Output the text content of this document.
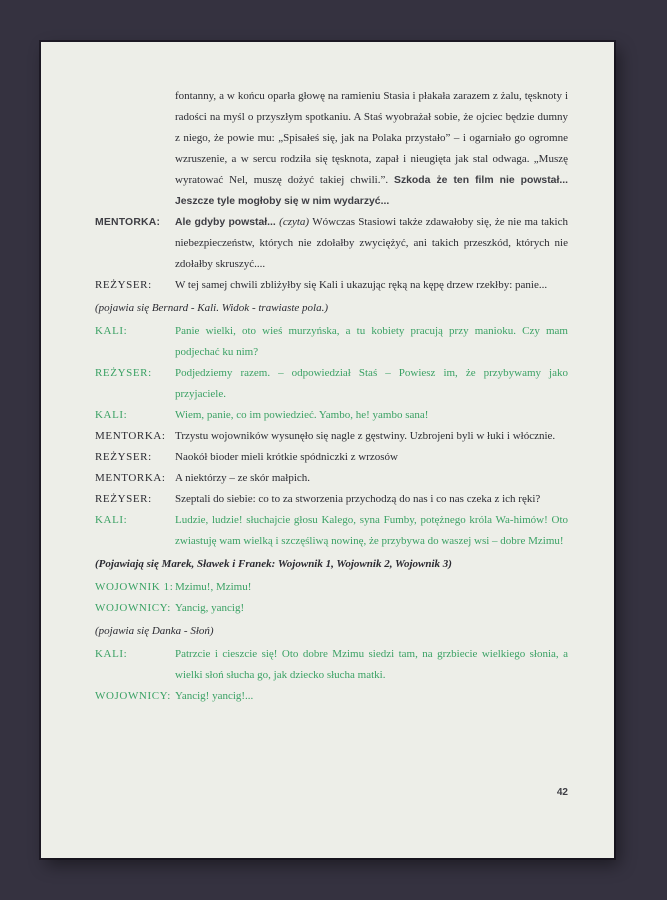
fontanny, a w końcu oparła głowę na ramieniu Stasia i płakała zarazem z żalu, tęsknoty i radości na myśl o przyszłym spotkaniu. A Staś wyobrażał sobie, że ojciec będzie dumny z niego, że powie mu: „Spisałeś się, jak na Polaka przystało” – i ogarniało go ogromne wzruszenie, a w sercu rodziła się tęsknota, zapał i nieugięta jak stal odwaga. „Muszę wyratować Nel, muszę dożyć takiej chwili.”. Szkoda że ten film nie powstał... Jeszcze tyle mogłoby się w nim wydarzyć...
MENTORKA:	Ale gdyby powstał... (czyta) Wówczas Stasiowi także zdawałoby się, że nie ma takich niebezpieczeństw, których nie zdołałby zwyciężyć, ani takich przeszkód, których nie zdołałby skruszyć....
REŻYSER:	W tej samej chwili zbliżyłby się Kali i ukazując ręką na kępę drzew rzekłby: panie...
(pojawia się Bernard - Kali. Widok - trawiaste pola.)
KALI:	Panie wielki, oto wieś murzyńska, a tu kobiety pracują przy manioku. Czy mam podjechać ku nim?
REŻYSER:	Podjedziemy razem. – odpowiedział Staś – Powiesz im, że przybywamy jako przyjaciele.
KALI:	Wiem, panie, co im powiedzieć. Yambo, he! yambo sana!
MENTORKA: Trzystu wojowników wysunęło się nagle z gęstwiny. Uzbrojeni byli w łuki i włócznie.
REŻYSER:	Naokół bioder mieli krótkie spódniczki z wrzosów
MENTORKA: A niektórzy – ze skór małpich.
REŻYSER:	Szeptali do siebie: co to za stworzenia przychodzą do nas i co nas czeka z ich ręki?
KALI:	Ludzie, ludzie! słuchajcie głosu Kalego, syna Fumby, potężnego króla Wa-himów! Oto zwiastuję wam wielką i szczęśliwą nowinę, że przybywa do waszej wsi – dobre Mzimu!
(Pojawiają się Marek, Sławek i Franek: Wojownik 1, Wojownik 2, Wojownik 3)
WOJOWNIK 1: Mzimu!, Mzimu!
WOJOWNICY: Yancig, yancig!
(pojawia się Danka - Słoń)
KALI:	Patrzcie i cieszcie się! Oto dobre Mzimu siedzi tam, na grzbiecie wielkiego słonia, a wielki słoń słucha go, jak dziecko słucha matki.
WOJOWNICY: Yancig! yancig!...
42
